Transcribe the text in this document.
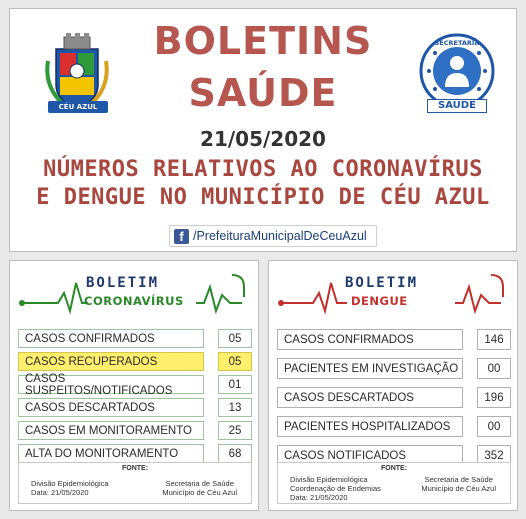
CÉU AZUL
BOLETINS
SAÚDE
SECRETARIA
SAÚDE
21/05/2020
NÚMEROS RELATIVOS AO CORONAVÍRUS
E DENGUE NO MUNICÍPIO DE CÉU AZUL
f /PrefeituraMunicipalDeCeuAzul
BOLETIM
CORONAVÍRUS
CASOS CONFIRMADOS	05
CASOS RECUPERADOS	05
CASOS SUSPEITOS/NOTIFICADOS	01
CASOS DESCARTADOS	13
CASOS EM MONITORAMENTO	25
ALTA DO MONITORAMENTO	68
FONTE:
Divisão Epidemiológica
Data: 21/05/2020
Secretaria de Saúde
Município de Céu Azul
BOLETIM
DENGUE
CASOS CONFIRMADOS	146
PACIENTES EM INVESTIGAÇÃO	00
CASOS DESCARTADOS	196
PACIENTES HOSPITALIZADOS	00
CASOS NOTIFICADOS	352
FONTE:
Divisão Epidemiológica
Coordenação de Endemias
Data: 21/05/2020
Secretaria de Saúde
Município de Céu Azul
